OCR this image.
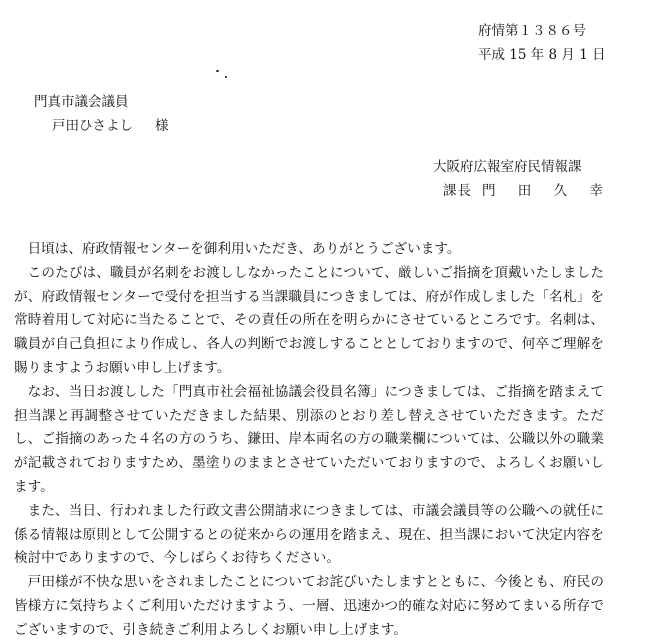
府情第１３８６号
平成 15 年 8 月 1 日
門真市議会議員
戸田ひさよし 様
大阪府広報室府民情報課
課長 門 田 久 幸

日頃は、府政情報センターを御利用いただき、ありがとうございます。

このたびは、職員が名刺をお渡ししなかったことについて、厳しいご指摘を頂戴いたしましたが、府政情報センターで受付を担当する当課職員につきましては、府が作成しました「名札」を常時着用して対応に当たることで、その責任の所在を明らかにさせているところです。名刺は、職員が自己負担により作成し、各人の判断でお渡しすることとしておりますので、何卒ご理解を賜りますようお願い申し上げます。

なお、当日お渡しした「門真市社会福祉協議会役員名簿」につきましては、ご指摘を踏まえて担当課と再調整させていただきました結果、別添のとおり差し替えさせていただきます。ただし、ご指摘のあった４名の方のうち、鎌田、岸本両名の方の職業欄については、公職以外の職業が記載されておりますため、墨塗りのままとさせていただいておりますので、よろしくお願いします。

また、当日、行われました行政文書公開請求につきましては、市議会議員等の公職への就任に係る情報は原則として公開するとの従来からの運用を踏まえ、現在、担当課において決定内容を検討中でありますので、今しばらくお待ちください。

戸田様が不快な思いをされましたことについてお詫びいたしますとともに、今後とも、府民の皆様方に気持ちよくご利用いただけますよう、一層、迅速かつ的確な対応に努めてまいる所存でございますので、引き続きご利用よろしくお願い申し上げます。
